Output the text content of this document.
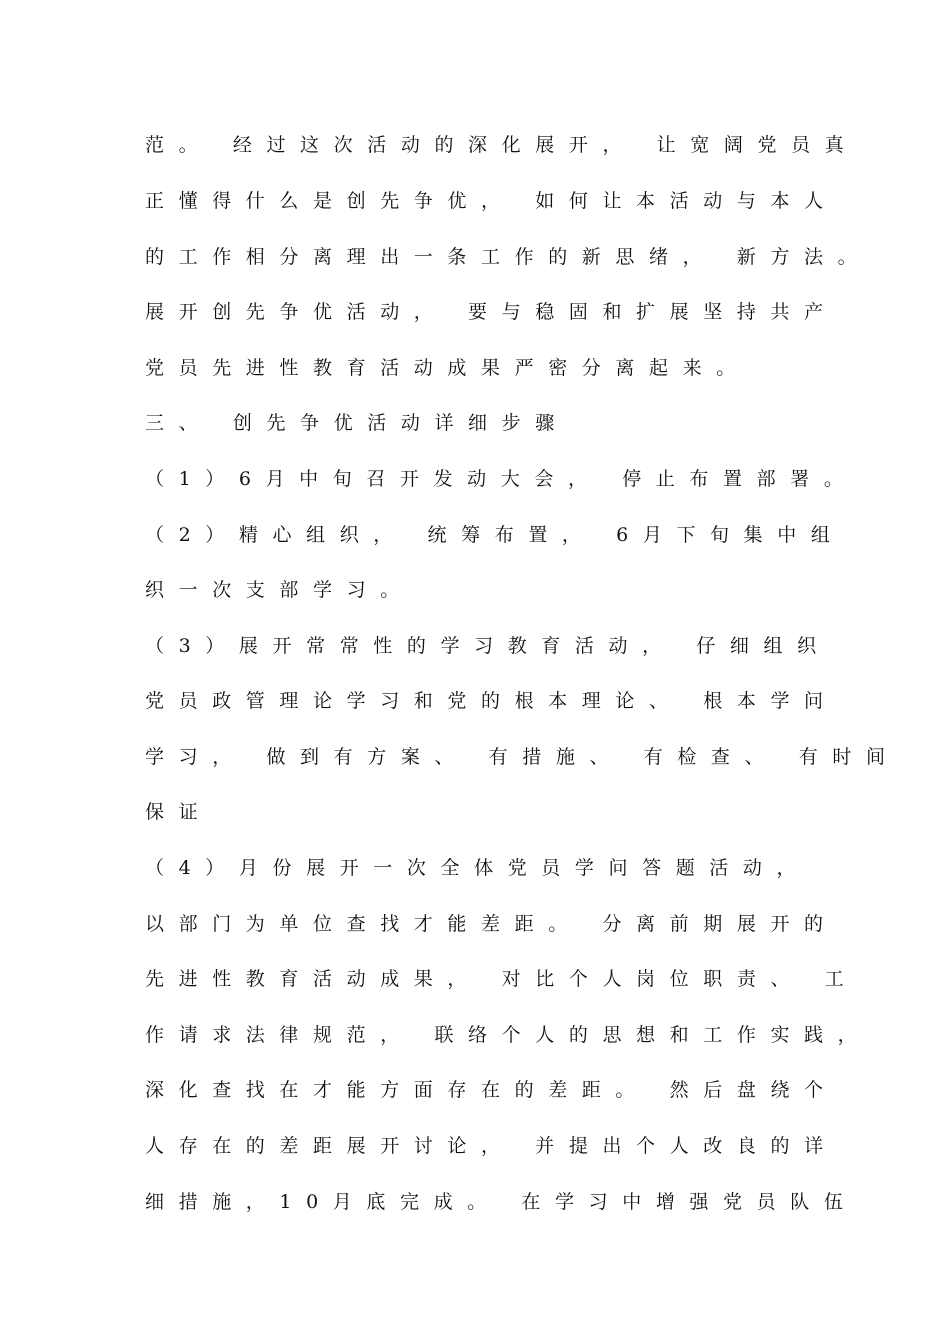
范。 经过这次活动的深化展开， 让宽阔党员真
正懂得什么是创先争优， 如何让本活动与本人
的工作相分离理出一条工作的新思绪， 新方法。
展开创先争优活动， 要与稳固和扩展坚持共产
党员先进性教育活动成果严密分离起来。
三、 创先争优活动详细步骤
（1）6月中旬召开发动大会， 停止布置部署。
（2）精心组织， 统筹布置， 6月下旬集中组
织一次支部学习。
（3）展开常常性的学习教育活动， 仔细组织
党员政管理论学习和党的根本理论、 根本学问
学习， 做到有方案、 有措施、 有检查、 有时间
保证
（4）月份展开一次全体党员学问答题活动，
以部门为单位查找才能差距。 分离前期展开的
先进性教育活动成果， 对比个人岗位职责、 工
作请求法律规范， 联络个人的思想和工作实践，
深化查找在才能方面存在的差距。 然后盘绕个
人存在的差距展开讨论， 并提出个人改良的详
细措施，10月底完成。 在学习中增强党员队伍
